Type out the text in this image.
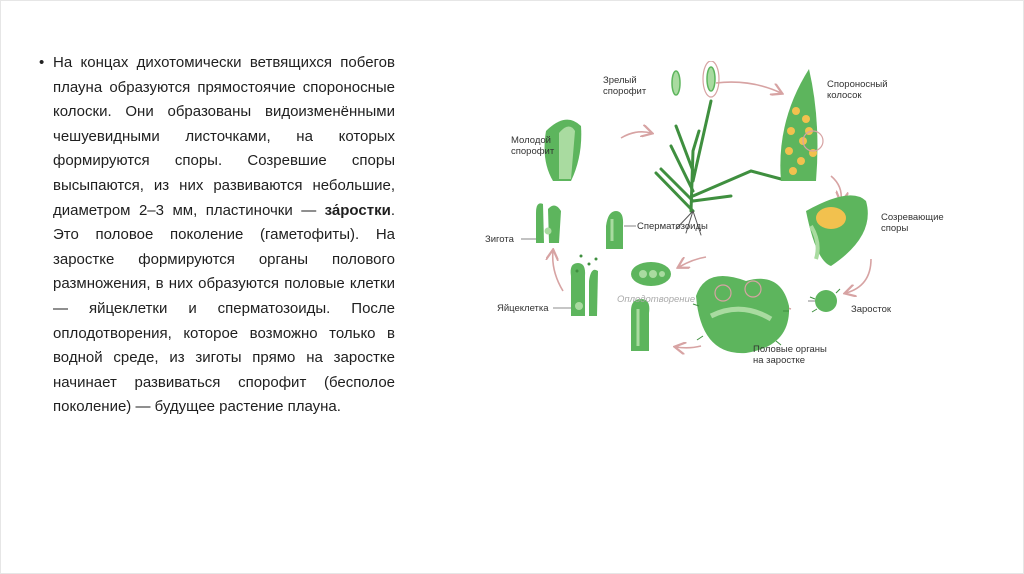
• На концах дихотомически ветвящихся побегов плауна образуются прямостоячие спороносные колоски. Они образованы видоизменёнными чешуевидными листочками, на которых формируются споры. Созревшие споры высыпаются, из них развиваются небольшие, диаметром 2–3 мм, пластиночки — за́ростки. Это половое поколение (гаметофиты). На заростке формируются органы полового размножения, в них образуются половые клетки — яйцеклетки и сперматозоиды. После оплодотворения, которое возможно только в водной среде, из зиготы прямо на заростке начинает развиваться спорофит (бесполое поколение) — будущее растение плауна.

Зрелый
спорофит
Спороносный
колосок
Молодой
спорофит
Созревающие
споры
Сперматозоиды
Зигота
Оплодотворение
Яйцеклетка	Заросток
Половые органы
на заростке
